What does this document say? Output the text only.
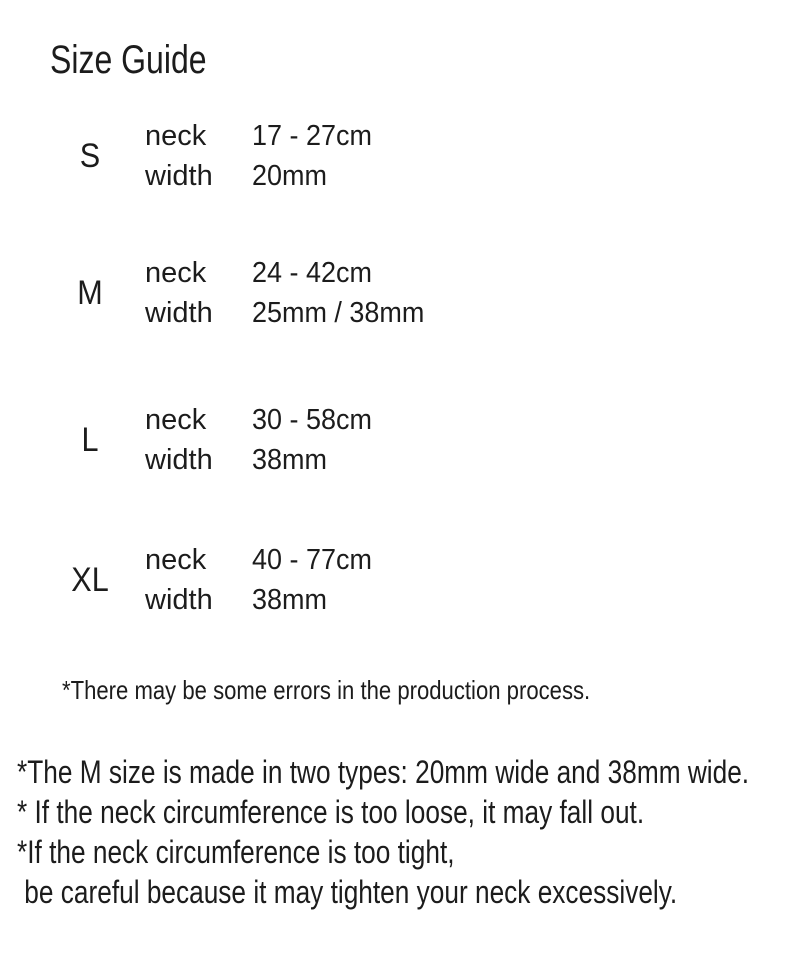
Size Guide
S
neck
width
17 - 27cm
20mm
M
neck
width
24 - 42cm
25mm / 38mm
L
neck
width
30 - 58cm
38mm
XL
neck
width
40 - 77cm
38mm
*There may be some errors in the production process.
*The M size is made in two types: 20mm wide and 38mm wide.
* If the neck circumference is too loose, it may fall out.
*If the neck circumference is too tight,
be careful because it may tighten your neck excessively.
